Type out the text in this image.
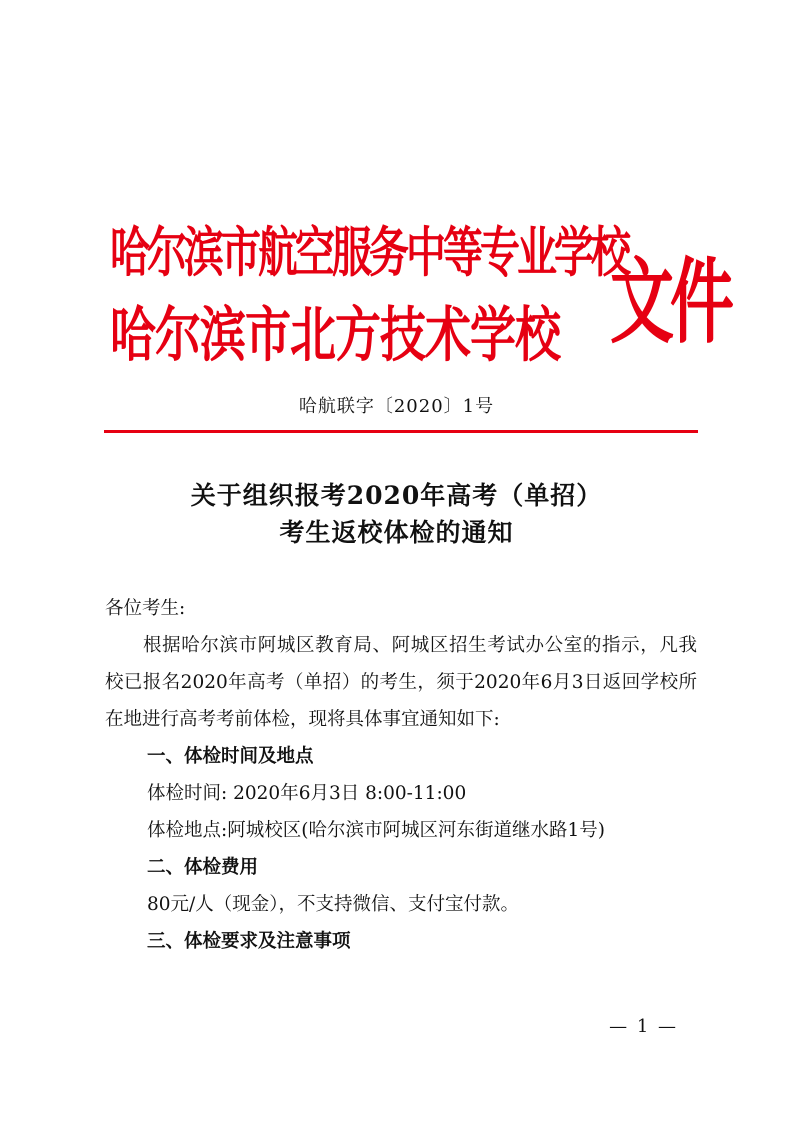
哈尔滨市航空服务中等专业学校
哈尔滨市北方技术学校 文件
哈航联字〔2020〕1号
关于组织报考2020年高考（单招）
考生返校体检的通知

各位考生:

根据哈尔滨市阿城区教育局、阿城区招生考试办公室的指示，凡我校已报名2020年高考（单招）的考生，须于2020年6月3日返回学校所在地进行高考考前体检，现将具体事宜通知如下:

一、体检时间及地点

体检时间: 2020年6月3日 8:00-11:00

体检地点:阿城校区(哈尔滨市阿城区河东街道继水路1号)

二、体检费用

80元/人（现金），不支持微信、支付宝付款。

三、体检要求及注意事项

— 1 —
